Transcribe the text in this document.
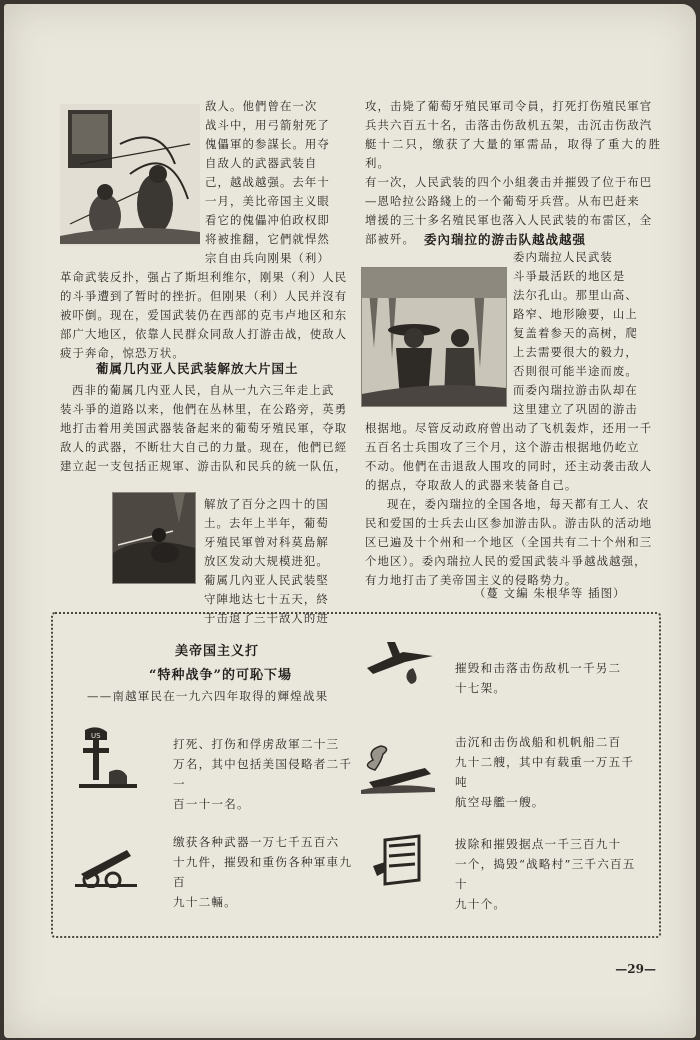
敌人。他們曾在一次

战斗中，用弓箭射死了

傀儡軍的参謀长。用夺

自敌人的武器武装自

己，越战越强。去年十

一月，美比帝国主义眼

看它的傀儡冲伯政权即

将被推翻，它們就悍然

宗自由兵向刚果（利）

革命武装反扑，强占了斯坦利维尔，刚果（利）人民

的斗爭遭到了暂时的挫折。但刚果（利）人民并沒有

被吓倒。现在，爱国武装仍在西部的克韦卢地区和东

部广大地区，依靠人民群众同敌人打游击战，使敌人

疲于奔命，惊恐万状。

葡属几内亚人民武装解放大片国土

西非的葡属几内亚人民，自从一九六三年走上武

装斗爭的道路以来，他們在丛林里，在公路旁，英勇

地打击着用美国武器装备起来的葡萄牙殖民軍，夺取

敌人的武器，不断壮大自己的力量。现在，他們已經

建立起一支包括正规軍、游击队和民兵的統一队伍，

解放了百分之四十的国

土。去年上半年，葡萄

牙殖民軍曾对科莫島解

放区发动大规模进犯。

葡属几內亚人民武装堅

守陣地达七十五天，終

于击退了三千敌人的进

攻，击毙了葡萄牙殖民軍司令員，打死打伤殖民軍官

兵共六百五十名，击落击伤敌机五架，击沉击伤敌汽

艇十二只，缴获了大量的軍需品，取得了重大的胜利。

有一次，人民武装的四个小組袭击并摧毁了位于布巴

—恩哈拉公路綫上的一个葡萄牙兵营。从布巴赶来

增援的三十多名殖民軍也落入人民武装的布雷区，全

部被歼。 委內瑞拉的游击队越战越强

委内瑞拉人民武装

斗爭最活跃的地区是

法尔孔山。那里山高、

路窄、地形險要，山上

复盖着参天的高树，爬

上去需要很大的毅力，

否則很可能半途而废。

而委內瑞拉游击队却在

这里建立了巩固的游击

根据地。尽管反动政府曾出动了飞机轰炸，还用一千

五百名士兵围攻了三个月，这个游击根据地仍屹立

不动。他們在击退敌人围攻的同时，还主动袭击敌人

的据点，夺取敌人的武器来装备自己。

现在，委內瑞拉的全国各地，每天都有工人、农

民和爱国的士兵去山区参加游击队。游击队的活动地

区已遍及十个州和一个地区（全国共有二十个州和三

个地区）。委內瑞拉人民的爱国武装斗爭越战越强，

有力地打击了美帝国主义的侵略势力。

（蔓 文編 朱根华等 插图）
美帝国主义打
“特种战争”的可恥下場
——南越軍民在一九六四年取得的輝煌战果
US
打死、打伤和俘虏敌軍二十三
万名，其中包括美国侵略者二千一
百一十一名。
缴获各种武器一万七千五百六
十九件，摧毁和重伤各种軍車九百
九十二輛。
摧毁和击落击伤敌机一千另二
十七架。
击沉和击伤战船和机帆船二百
九十二艘，其中有载重一万五千吨
航空母艦一艘。
拔除和摧毁据点一千三百九十
一个，捣毁“战略村”三千六百五十
九十个。
—29—
